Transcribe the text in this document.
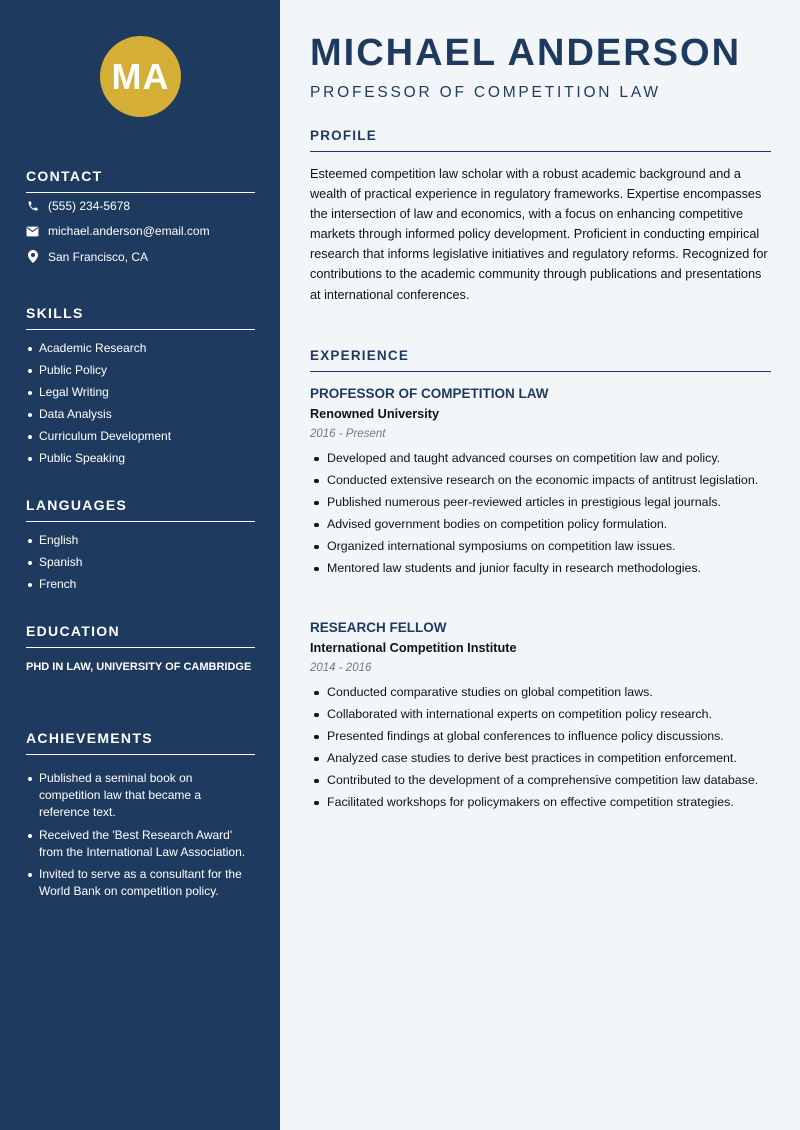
MA
CONTACT
(555) 234-5678
michael.anderson@email.com
San Francisco, CA
SKILLS
Academic Research
Public Policy
Legal Writing
Data Analysis
Curriculum Development
Public Speaking
LANGUAGES
English
Spanish
French
EDUCATION
PHD IN LAW, UNIVERSITY OF CAMBRIDGE
ACHIEVEMENTS
Published a seminal book on competition law that became a reference text.
Received the 'Best Research Award' from the International Law Association.
Invited to serve as a consultant for the World Bank on competition policy.
MICHAEL ANDERSON
PROFESSOR OF COMPETITION LAW
PROFILE

Esteemed competition law scholar with a robust academic background and a wealth of practical experience in regulatory frameworks. Expertise encompasses the intersection of law and economics, with a focus on enhancing competitive markets through informed policy development. Proficient in conducting empirical research that informs legislative initiatives and regulatory reforms. Recognized for contributions to the academic community through publications and presentations at international conferences.

EXPERIENCE
PROFESSOR OF COMPETITION LAW
Renowned University
2016 - Present
Developed and taught advanced courses on competition law and policy.
Conducted extensive research on the economic impacts of antitrust legislation.
Published numerous peer-reviewed articles in prestigious legal journals.
Advised government bodies on competition policy formulation.
Organized international symposiums on competition law issues.
Mentored law students and junior faculty in research methodologies.
RESEARCH FELLOW
International Competition Institute
2014 - 2016
Conducted comparative studies on global competition laws.
Collaborated with international experts on competition policy research.
Presented findings at global conferences to influence policy discussions.
Analyzed case studies to derive best practices in competition enforcement.
Contributed to the development of a comprehensive competition law database.
Facilitated workshops for policymakers on effective competition strategies.
